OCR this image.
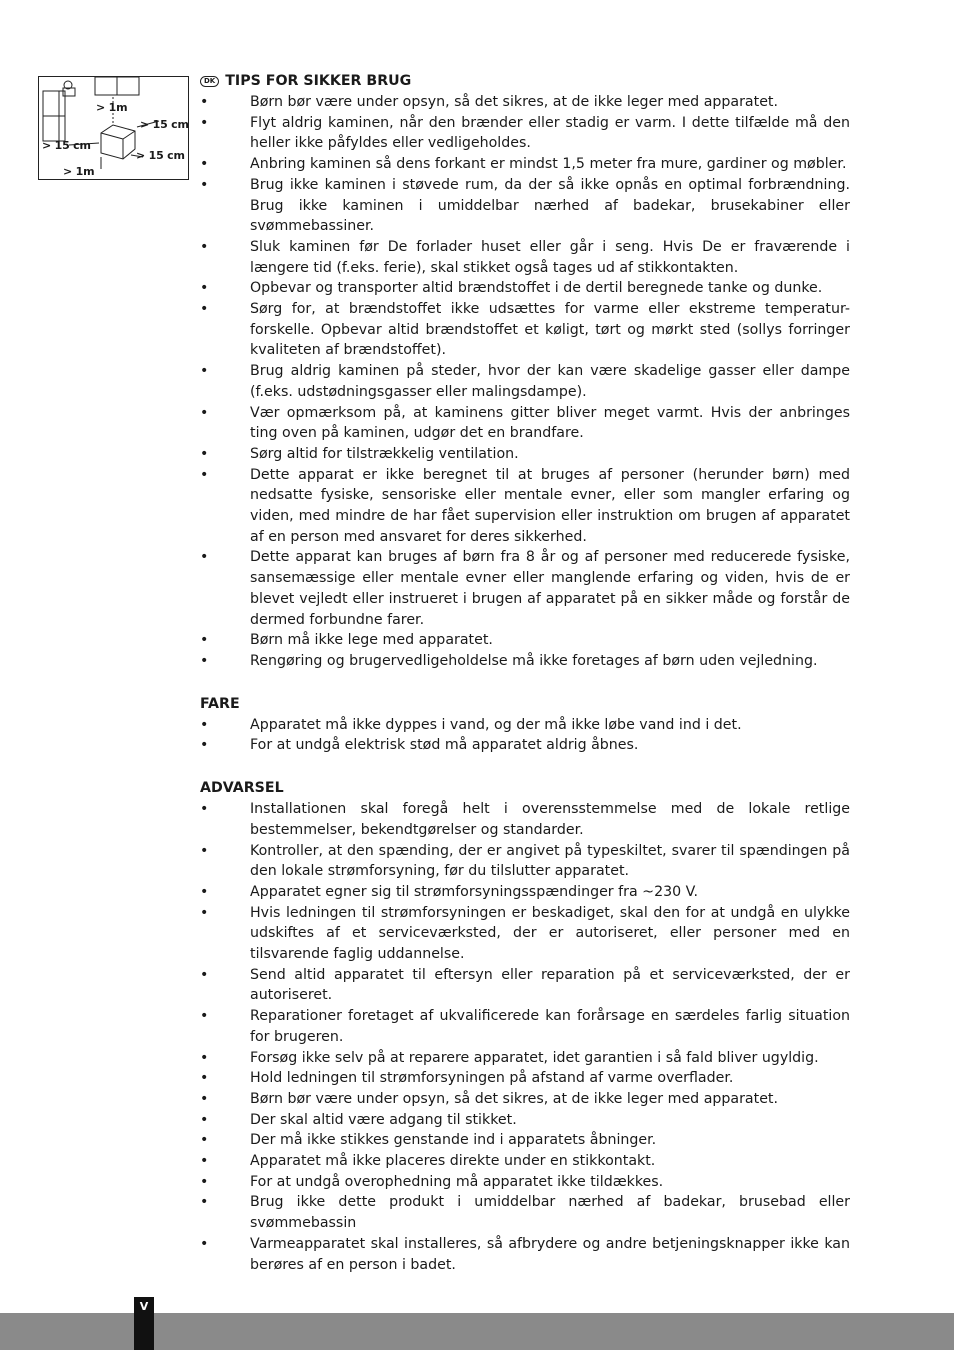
> 1m
> 15 cm
> 15 cm
> 15 cm
> 1m
DK TIPS FOR SIKKER BRUG
•	Børn bør være under opsyn, så det sikres, at de ikke leger med apparatet.
•	Flyt aldrig kaminen, når den brænder eller stadig er varm. I dette tilfælde må den heller ikke påfyldes eller vedligeholdes.
•	Anbring kaminen så dens forkant er mindst 1,5 meter fra mure, gardiner og møbler.
•	Brug ikke kaminen i støvede rum, da der så ikke opnås en optimal forbrændning. Brug ikke kaminen i umiddelbar nærhed af badekar, brusekabiner eller svømmebassiner.
•	Sluk kaminen før De forlader huset eller går i seng. Hvis De er fraværende i længere tid (f.eks. ferie), skal stikket også tages ud af stikkontakten.
•	Opbevar og transporter altid brændstoffet i de dertil beregnede tanke og dunke.
•	Sørg for, at brændstoffet ikke udsættes for varme eller ekstreme temperatur-forskelle. Opbevar altid brændstoffet et køligt, tørt og mørkt sted (sollys forringer kvaliteten af brændstoffet).
•	Brug aldrig kaminen på steder, hvor der kan være skadelige gasser eller dampe (f.eks. udstødningsgasser eller malingsdampe).
•	Vær opmærksom på, at kaminens gitter bliver meget varmt. Hvis der anbringes ting oven på kaminen, udgør det en brandfare.
•	Sørg altid for tilstrækkelig ventilation.
•	Dette apparat er ikke beregnet til at bruges af personer (herunder børn) med nedsatte fysiske, sensoriske eller mentale evner, eller som mangler erfaring og viden, med mindre de har fået supervision eller instruktion om brugen af apparatet af en person med ansvaret for deres sikkerhed.
•	Dette apparat kan bruges af børn fra 8 år og af personer med reducerede fysiske, sansemæssige eller mentale evner eller manglende erfaring og viden, hvis de er blevet vejledt eller instrueret i brugen af apparatet på en sikker måde og forstår de dermed forbundne farer.
•	Børn må ikke lege med apparatet.
•	Rengøring og brugervedligeholdelse må ikke foretages af børn uden vejledning.
FARE
•	Apparatet må ikke dyppes i vand, og der må ikke løbe vand ind i det.
•	For at undgå elektrisk stød må apparatet aldrig åbnes.
ADVARSEL
•	Installationen skal foregå helt i overensstemmelse med de lokale retlige bestemmelser, bekendtgørelser og standarder.
•	Kontroller, at den spænding, der er angivet på typeskiltet, svarer til spændingen på den lokale strømforsyning, før du tilslutter apparatet.
•	Apparatet egner sig til strømforsyningsspændinger fra ~230 V.
•	Hvis ledningen til strømforsyningen er beskadiget, skal den for at undgå en ulykke udskiftes af et serviceværksted, der er autoriseret, eller personer med en tilsvarende faglig uddannelse.
•	Send altid apparatet til eftersyn eller reparation på et serviceværksted, der er autoriseret.
•	Reparationer foretaget af ukvalificerede kan forårsage en særdeles farlig situation for brugeren.
•	Forsøg ikke selv på at reparere apparatet, idet garantien i så fald bliver ugyldig.
•	Hold ledningen til strømforsyningen på afstand af varme overflader.
•	Børn bør være under opsyn, så det sikres, at de ikke leger med apparatet.
•	Der skal altid være adgang til stikket.
•	Der må ikke stikkes genstande ind i apparatets åbninger.
•	Apparatet må ikke placeres direkte under en stikkontakt.
•	For at undgå overophedning må apparatet ikke tildækkes.
•	Brug ikke dette produkt i umiddelbar nærhed af badekar, brusebad eller svømmebassin
•	Varmeapparatet skal installeres, så afbrydere og andre betjeningsknapper ikke kan berøres af en person i badet.
V
